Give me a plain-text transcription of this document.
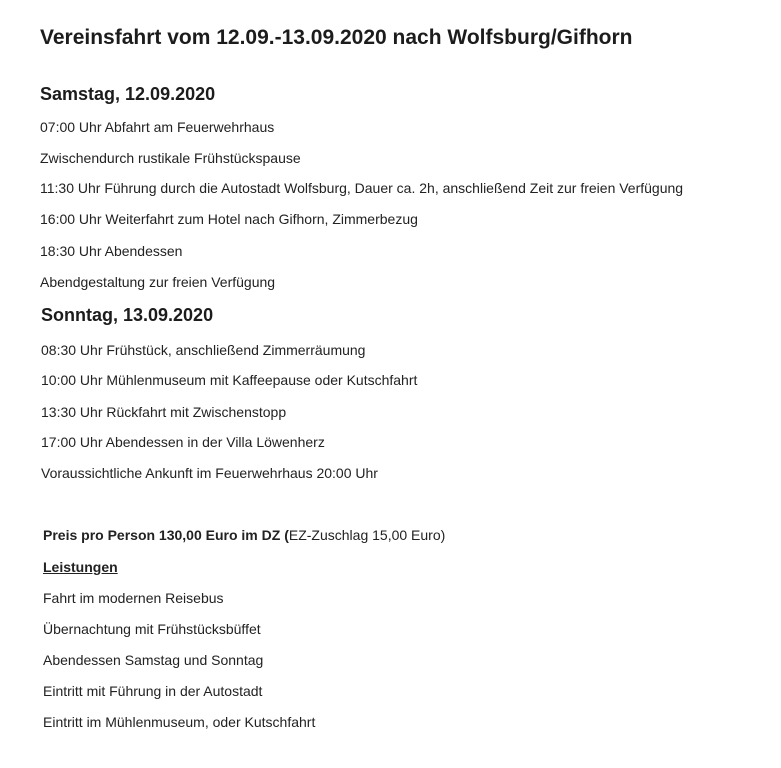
Vereinsfahrt vom 12.09.-13.09.2020 nach Wolfsburg/Gifhorn
Samstag, 12.09.2020
07:00 Uhr Abfahrt am Feuerwehrhaus
Zwischendurch rustikale Frühstückspause
11:30 Uhr Führung durch die Autostadt Wolfsburg, Dauer ca. 2h, anschließend Zeit zur freien Verfügung
16:00 Uhr Weiterfahrt zum Hotel nach Gifhorn, Zimmerbezug
18:30 Uhr Abendessen
Abendgestaltung zur freien Verfügung
Sonntag, 13.09.2020
08:30 Uhr Frühstück, anschließend Zimmerräumung
10:00 Uhr Mühlenmuseum mit Kaffeepause oder Kutschfahrt
13:30 Uhr Rückfahrt mit Zwischenstopp
17:00 Uhr Abendessen in der Villa Löwenherz
Voraussichtliche Ankunft im Feuerwehrhaus 20:00 Uhr
Preis pro Person 130,00 Euro im DZ (EZ-Zuschlag 15,00 Euro)
Leistungen
Fahrt im modernen Reisebus
Übernachtung mit Frühstücksbüffet
Abendessen Samstag und Sonntag
Eintritt mit Führung in der Autostadt
Eintritt im Mühlenmuseum, oder Kutschfahrt
